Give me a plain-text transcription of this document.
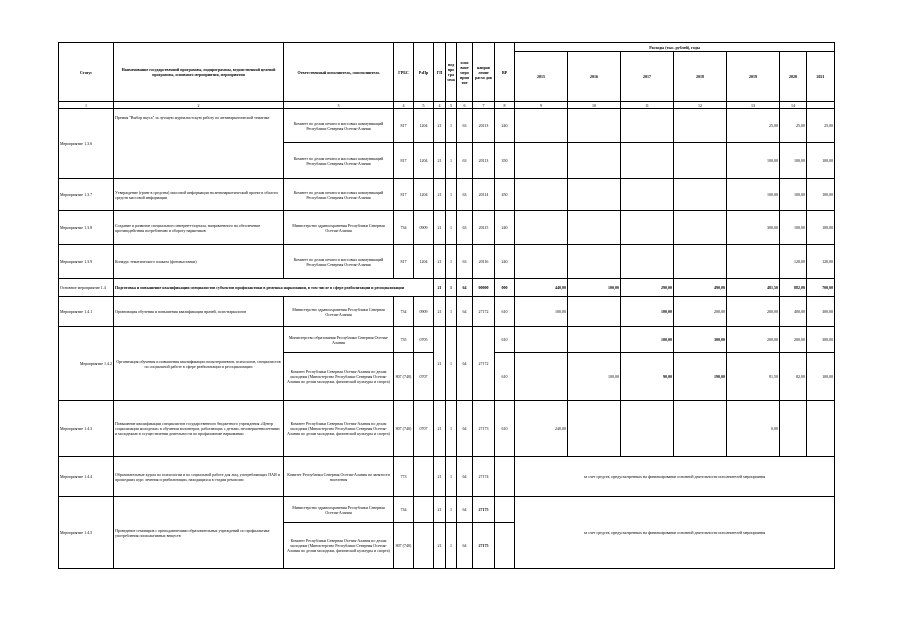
Статус	Наименование государственной программы, подпрограммы, ведомственной целевой программы, основного мероприятия, мероприятия	Ответственный исполнитель, соисполнитель	ГРБС	РзПр	ГП	под про гра мма	осно вное меро прия тие	направ ление расхо дов	ВР	Расходы (тыс. рублей), годы						
										2015	2016	2017	2018	2019	2020	2021
1	2	3	4	5	4	5	6	7	8	9	10	11	12	13	14	
Мероприятие 1.3.6	Премия "Выбор вкуса" за лучшую журналистскую работу по антинаркотической тематике	Комитет по делам печати и массовых коммуникаций Республики Северная Осетия-Алания	817	1204	21	1	63	20113	240					25,00	25,00	25,00
		Комитет по делам печати и массовых коммуникаций Республики Северная Осетия-Алания	817	1204	21	1	63	20113	350					100,00	100,00	100,00
Мероприятие 1.3.7	Утверждение (грант в средства) массовой информации на антинаркотический проект в области средств массовой информации	Комитет по делам печати и массовых коммуникаций Республики Северная Осетия-Алания	817	1204	21	1	63	20114	450					100,00	100,00	100,00
Мероприятие 1.3.8	Создание и развитие специального интернет-портала, направленного на обеспечение противодействия потреблению и обороту наркотиков	Министерство здравоохранения Республики Северная Осетия-Алания	734	0909	21	1	63	20115	240					300,00	100,00	100,00
Мероприятие 1.3.9	Конкурс тематического плаката (фотовыставки)	Комитет по делам печати и массовых коммуникаций Республики Северная Осетия-Алания	817	1204	21	1	63	20116	240						120,00	120,00
Основное мероприятие 1.4	Подготовка и повышение квалификации специалистов субъектов профилактики в ремешка наркомании, в том числе в сфере реабилитации и ресоциализации				21	1	64	00000	000	440,00	100,00	290,00	490,00	481,50	882,00	700,00
Мероприятие 1.4.1	Организация обучения и повышения квалификации врачей, псих-наркологов	Министерство здравоохранения Республики Северная Осетия-Алания	734	0909	21	1	64	27172	610	100,00		100,00	200,00	200,00	400,00	300,00
Мероприятие 1.4.2	Организация обучения и повышения квалификации психотерапевтов, психологов, специалистов по социальной работе в сфере реабилитации и ресоциализации	Министерство образования Республики Северная Осетия-Алания	735	0705	21	1	64	27172	610			100,00	300,00	200,00	200,00	300,00
		Комитет Республики Северная Осетия-Алания по делам молодежи (Министерство Республики Северная Осетия-Алания по делам молодежи, физической культуры и спорта)	807 (740)	0707					610		100,00	90,00	190,00	81,50	82,00	100,00
Мероприятие 1.4.3	Повышение квалификации специалистов государственного бюджетного учреждения «Центр социализации молодежи» в обучении волонтеров, работающих с детьми, несовершеннолетними и молодежью в осуществлении деятельности по профилактике наркомании	Комитет Республики Северная Осетия-Алания по делам молодежи (Министерство Республики Северная Осетия-Алания по делам молодежи, физической культуры и спорта)	807 (740)	0707	21	1	64	27173	610	240,00				0,00		
Мероприятие 1.4.4	Образовательные курсы по психологии и по социальной работе для лиц, употребляющих ПАВ и прошедших курс лечения и реабилитации, находящихся в стадии ремиссии	Комитет Республики Северная Осетия-Алания по занятости населения	773		21	1	64	27174		за счет средств, предусмотренных на финансирование основной деятельности исполнителей мероприятия						
Мероприятие 1.4.5	Проведение семинаров с преподавателями образовательных учреждений по профилактике употребления психоактивных веществ	Министерство здравоохранения Республики Северная Осетия-Алания	734		21	1	64	27175		за счет средств, предусмотренных на финансирование основной деятельности исполнителей мероприятия						
		Комитет Республики Северная Осетия-Алания по делам молодежи (Министерство Республики Северная Осетия-Алания по делам молодежи, физической культуры и спорта)	807 (740)		21	1	64	27175								
